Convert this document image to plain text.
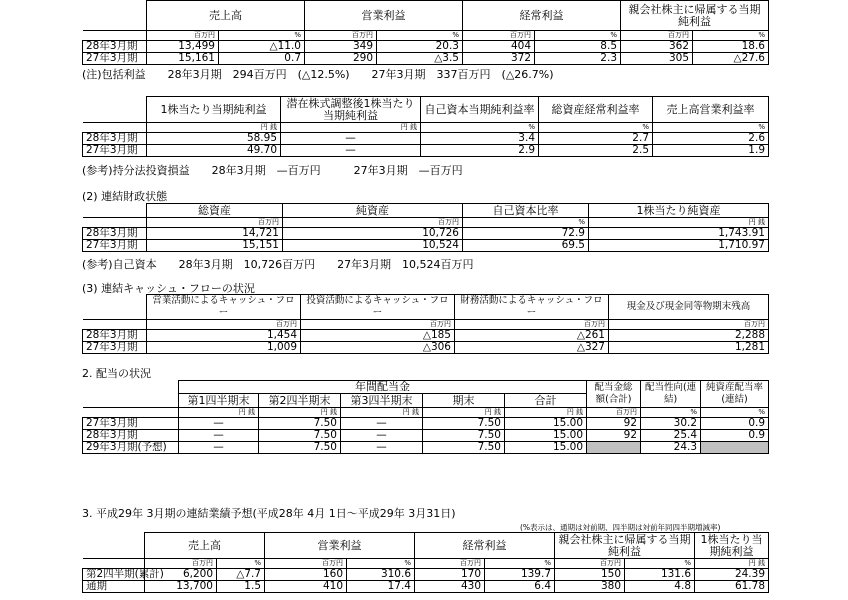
	売上高		営業利益		経常利益		親会社株主に帰属する当期純利益	
	百万円	%	百万円	%	百万円	%	百万円	%
28年3月期	13,499	△11.0	349	20.3	404	8.5	362	18.6
27年3月期	15,161	0.7	290	△3.5	372	2.3	305	△27.6
(注)包括利益　　28年3月期　294百万円　(△12.5%)　　27年3月期　337百万円　(△26.7%)
	1株当たり当期純利益	潜在株式調整後1株当たり当期純利益	自己資本当期純利益率	総資産経常利益率	売上高営業利益率
	円 銭	円 銭	%	%	%
28年3月期	58.95	—	3.4	2.7	2.6
27年3月期	49.70	—	2.9	2.5	1.9
(参考)持分法投資損益　　28年3月期　—百万円　　　27年3月期　—百万円
(2) 連結財政状態
	総資産	純資産	自己資本比率	1株当たり純資産
	百万円	百万円	%	円 銭
28年3月期	14,721	10,726	72.9	1,743.91
27年3月期	15,151	10,524	69.5	1,710.97
(参考)自己資本　　28年3月期　10,726百万円　　27年3月期　10,524百万円
(3) 連結キャッシュ・フローの状況
	営業活動によるキャッシュ・フロー	投資活動によるキャッシュ・フロー	財務活動によるキャッシュ・フロー	現金及び現金同等物期末残高
	百万円	百万円	百万円	百万円
28年3月期	1,454	△185	△261	2,288
27年3月期	1,009	△306	△327	1,281
2. 配当の状況
	年間配当金					配当金総額(合計)	配当性向(連結)	純資産配当率(連結)
	第1四半期末	第2四半期末	第3四半期末	期末	合計			
	円 銭	円 銭	円 銭	円 銭	円 銭	百万円	%	%
27年3月期	—	7.50	—	7.50	15.00	92	30.2	0.9
28年3月期	—	7.50	—	7.50	15.00	92	25.4	0.9
29年3月期(予想)	—	7.50	—	7.50	15.00		24.3	
3. 平成29年 3月期の連結業績予想(平成28年 4月 1日～平成29年 3月31日)
(%表示は、通期は対前期、四半期は対前年同四半期増減率)
	売上高		営業利益		経常利益		親会社株主に帰属する当期純利益		1株当たり当期純利益
	百万円	%	百万円	%	百万円	%	百万円	%	円 銭
第2四半期(累計)	6,200	△7.7	160	310.6	170	139.7	150	131.6	24.39
通期	13,700	1.5	410	17.4	430	6.4	380	4.8	61.78
